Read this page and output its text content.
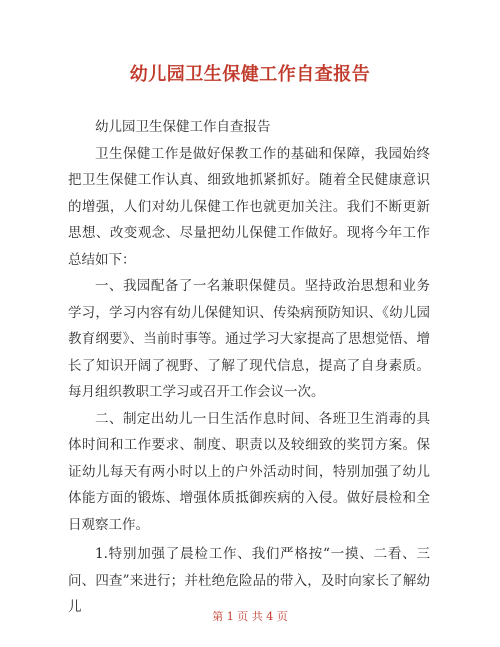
幼儿园卫生保健工作自查报告

幼儿园卫生保健工作自查报告

卫生保健工作是做好保教工作的基础和保障，我园始终把卫生保健工作认真、细致地抓紧抓好。随着全民健康意识的增强，人们对幼儿保健工作也就更加关注。我们不断更新思想、改变观念、尽量把幼儿保健工作做好。现将今年工作总结如下：

一、我园配备了一名兼职保健员。坚持政治思想和业务学习，学习内容有幼儿保健知识、传染病预防知识、《幼儿园教育纲要》、当前时事等。通过学习大家提高了思想觉悟、增长了知识开阔了视野、了解了现代信息，提高了自身素质。每月组织教职工学习或召开工作会议一次。

二、制定出幼儿一日生活作息时间、各班卫生消毒的具体时间和工作要求、制度、职责以及较细致的奖罚方案。保证幼儿每天有两小时以上的户外活动时间，特别加强了幼儿体能方面的锻炼、增强体质抵御疾病的入侵。做好晨检和全日观察工作。

1.特别加强了晨检工作、我们严格按“一摸、二看、三问、四查”来进行；并杜绝危险品的带入，及时向家长了解幼儿

第 1 页 共 4 页
